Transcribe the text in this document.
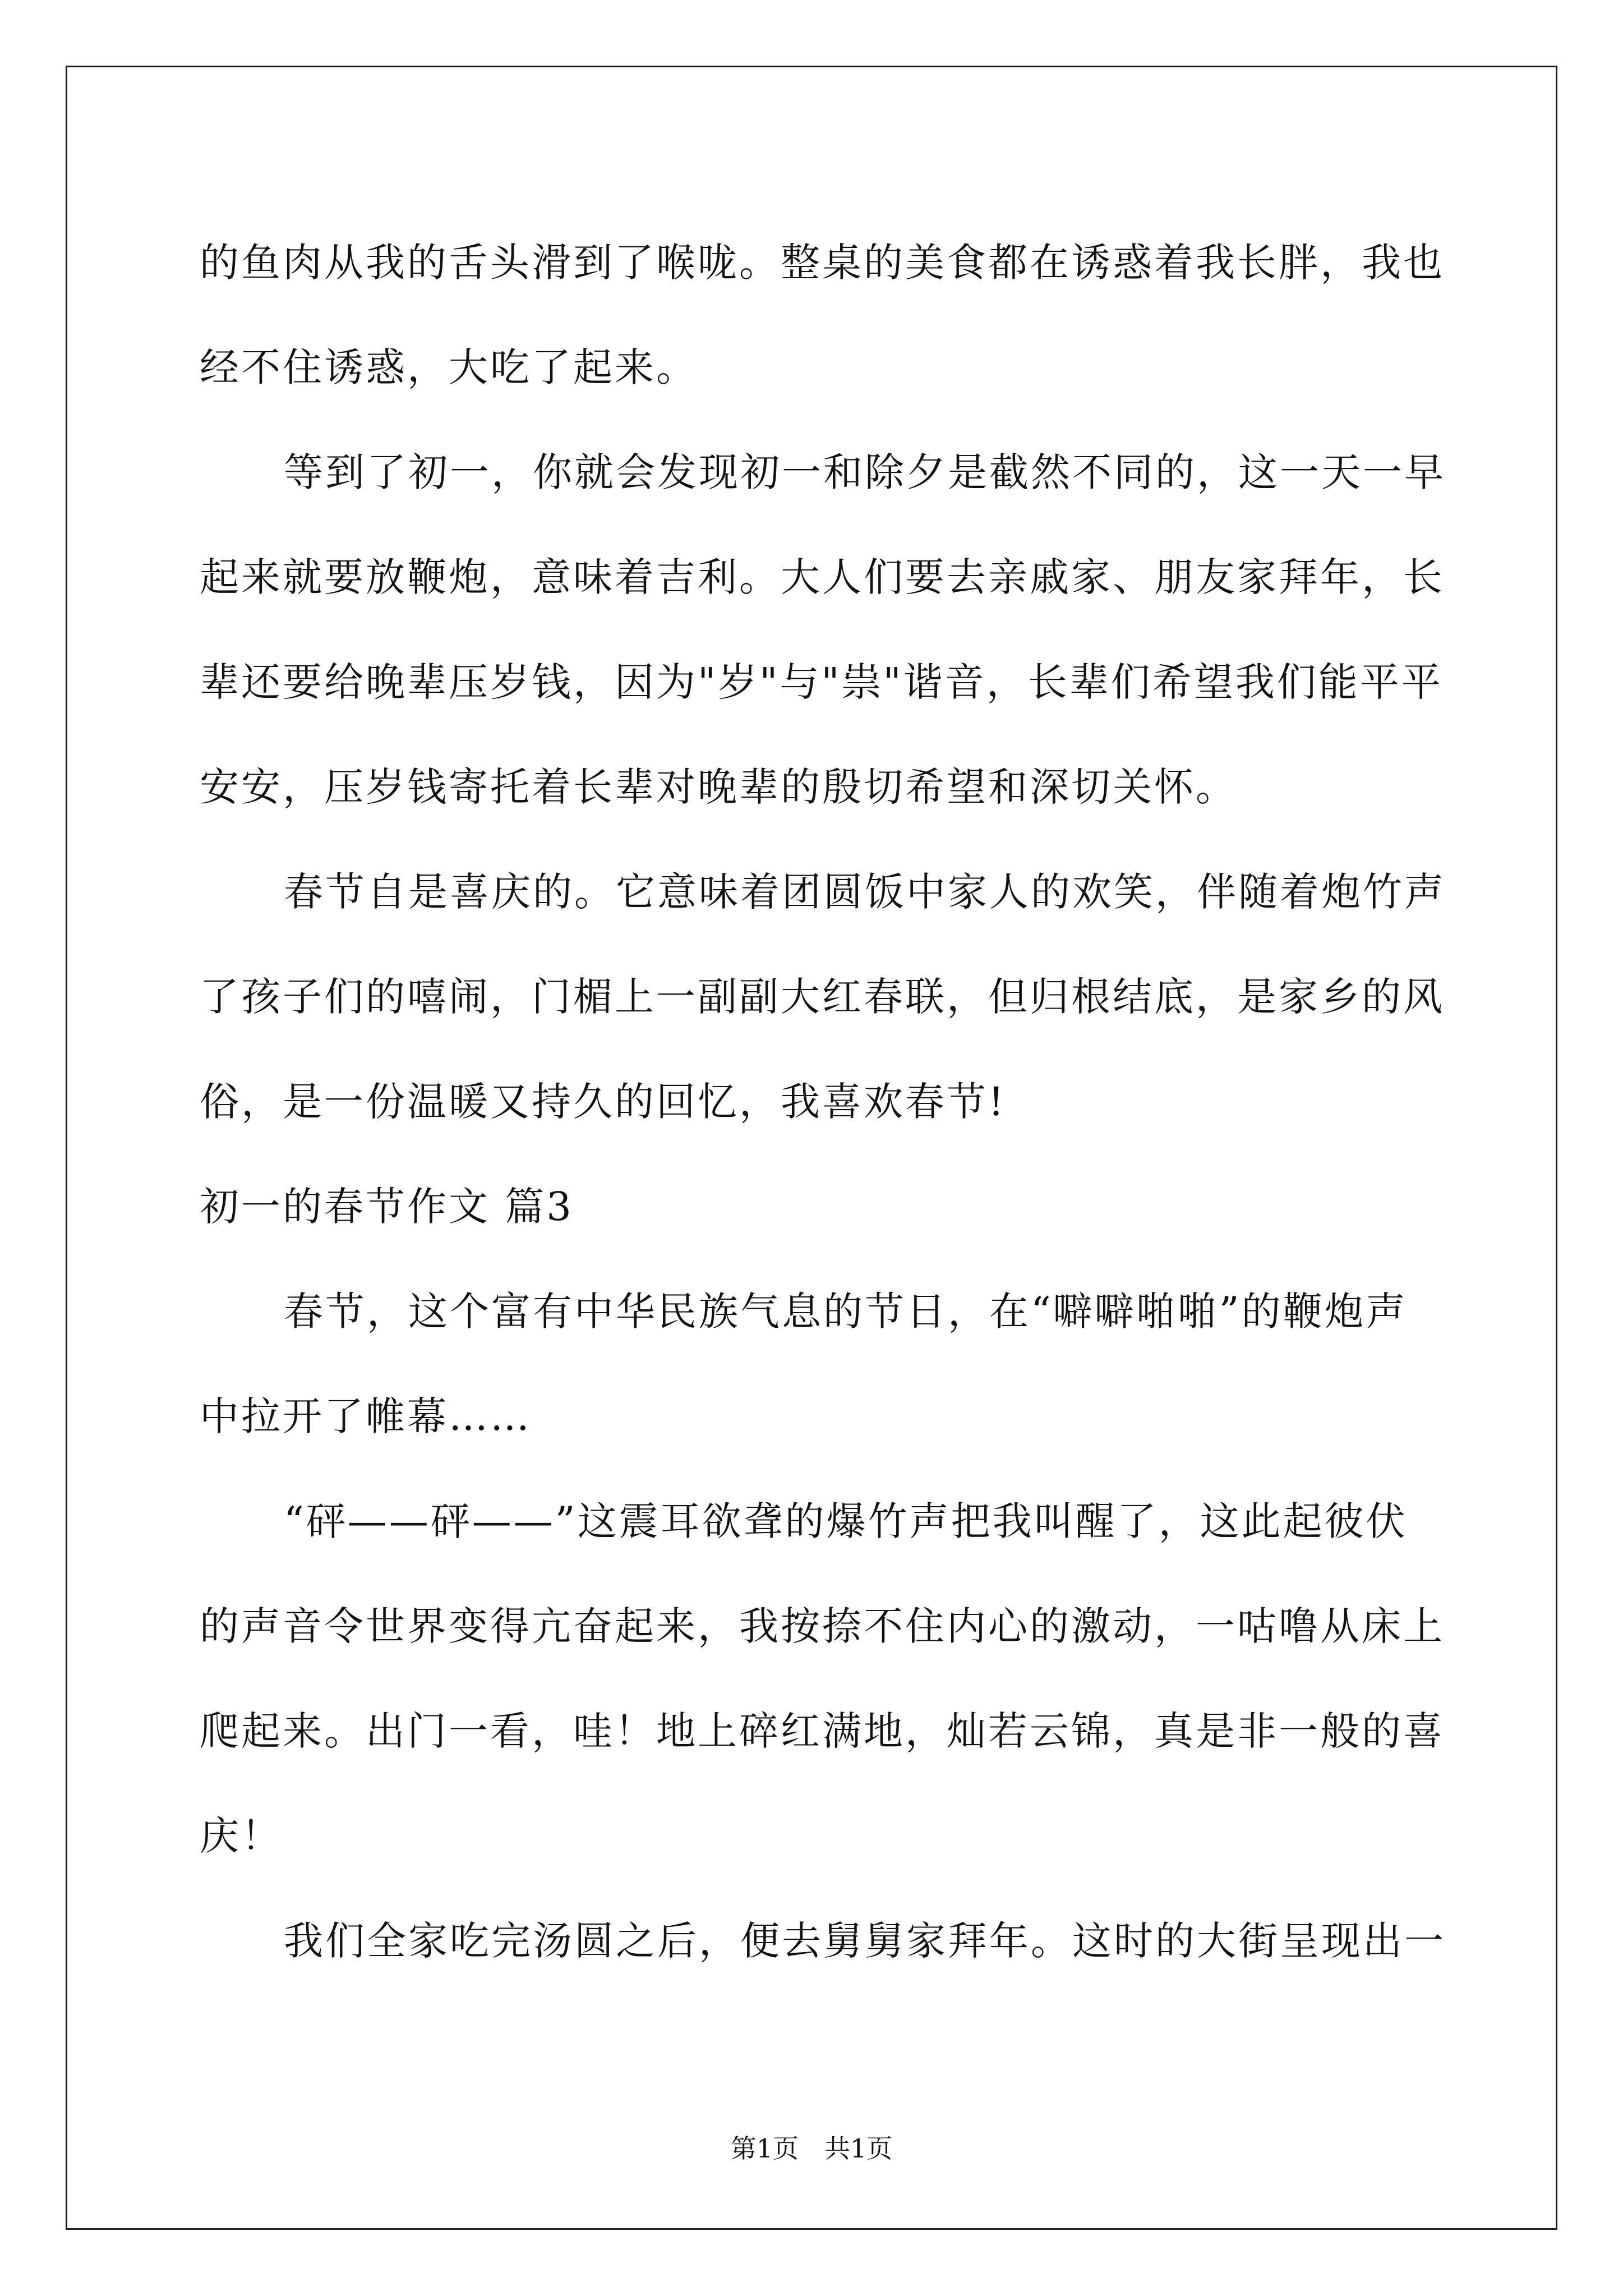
的鱼肉从我的舌头滑到了喉咙。整桌的美食都在诱惑着我长胖，我也
经不住诱惑，大吃了起来。
等到了初一，你就会发现初一和除夕是截然不同的，这一天一早
起来就要放鞭炮，意味着吉利。大人们要去亲戚家、朋友家拜年，长
辈还要给晚辈压岁钱，因为"岁"与"祟"谐音，长辈们希望我们能平平
安安，压岁钱寄托着长辈对晚辈的殷切希望和深切关怀。
春节自是喜庆的。它意味着团圆饭中家人的欢笑，伴随着炮竹声
了孩子们的嘻闹，门楣上一副副大红春联，但归根结底，是家乡的风
俗，是一份温暖又持久的回忆，我喜欢春节!
初一的春节作文 篇3
春节，这个富有中华民族气息的节日，在“噼噼啪啪”的鞭炮声
中拉开了帷幕……
“砰——砰——”这震耳欲聋的爆竹声把我叫醒了，这此起彼伏
的声音令世界变得亢奋起来，我按捺不住内心的激动，一咕噜从床上
爬起来。出门一看，哇！地上碎红满地，灿若云锦，真是非一般的喜
庆！
我们全家吃完汤圆之后，便去舅舅家拜年。这时的大街呈现出一
第1页　共1页
